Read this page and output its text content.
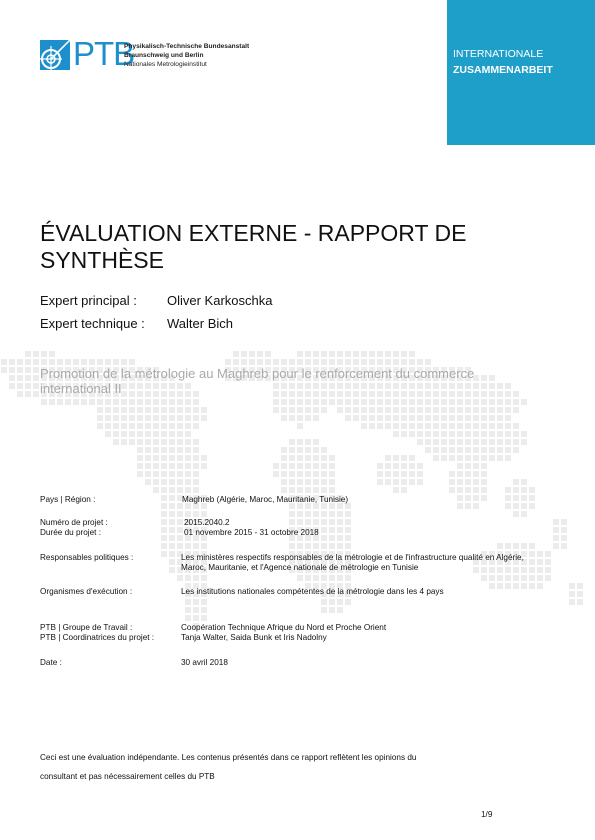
PTB
Physikalisch-Technische Bundesanstalt
Braunschweig und Berlin
Nationales Metrologieinstitut
INTERNATIONALE
ZUSAMMENARBEIT
ÉVALUATION EXTERNE - RAPPORT DE SYNTHÈSE
Expert principal : Oliver Karkoschka
Expert technique : Walter Bich
Promotion de la métrologie au Maghreb pour le renforcement du commerce international II
Pays | Région :	Maghreb (Algérie, Maroc, Mauritanie, Tunisie)
Numéro de projet :	2015.2040.2
Durée du projet :	01 novembre 2015 - 31 octobre 2018
Responsables politiques :	Les ministères respectifs responsables de la métrologie et de l'infrastructure qualité en Algérie, Maroc, Mauritanie, et l'Agence nationale de métrologie en Tunisie
Organismes d'exécution :	Les institutions nationales compétentes de la métrologie dans les 4 pays
PTB | Groupe de Travail :	Coopération Technique Afrique du Nord et Proche Orient
PTB | Coordinatrices du projet :	Tanja Walter, Saida Bunk et Iris Nadolny
Date :	30 avril 2018
Ceci est une évaluation indépendante. Les contenus présentés dans ce rapport reflètent les opinions du
consultant et pas nécessairement celles du PTB
1/9
